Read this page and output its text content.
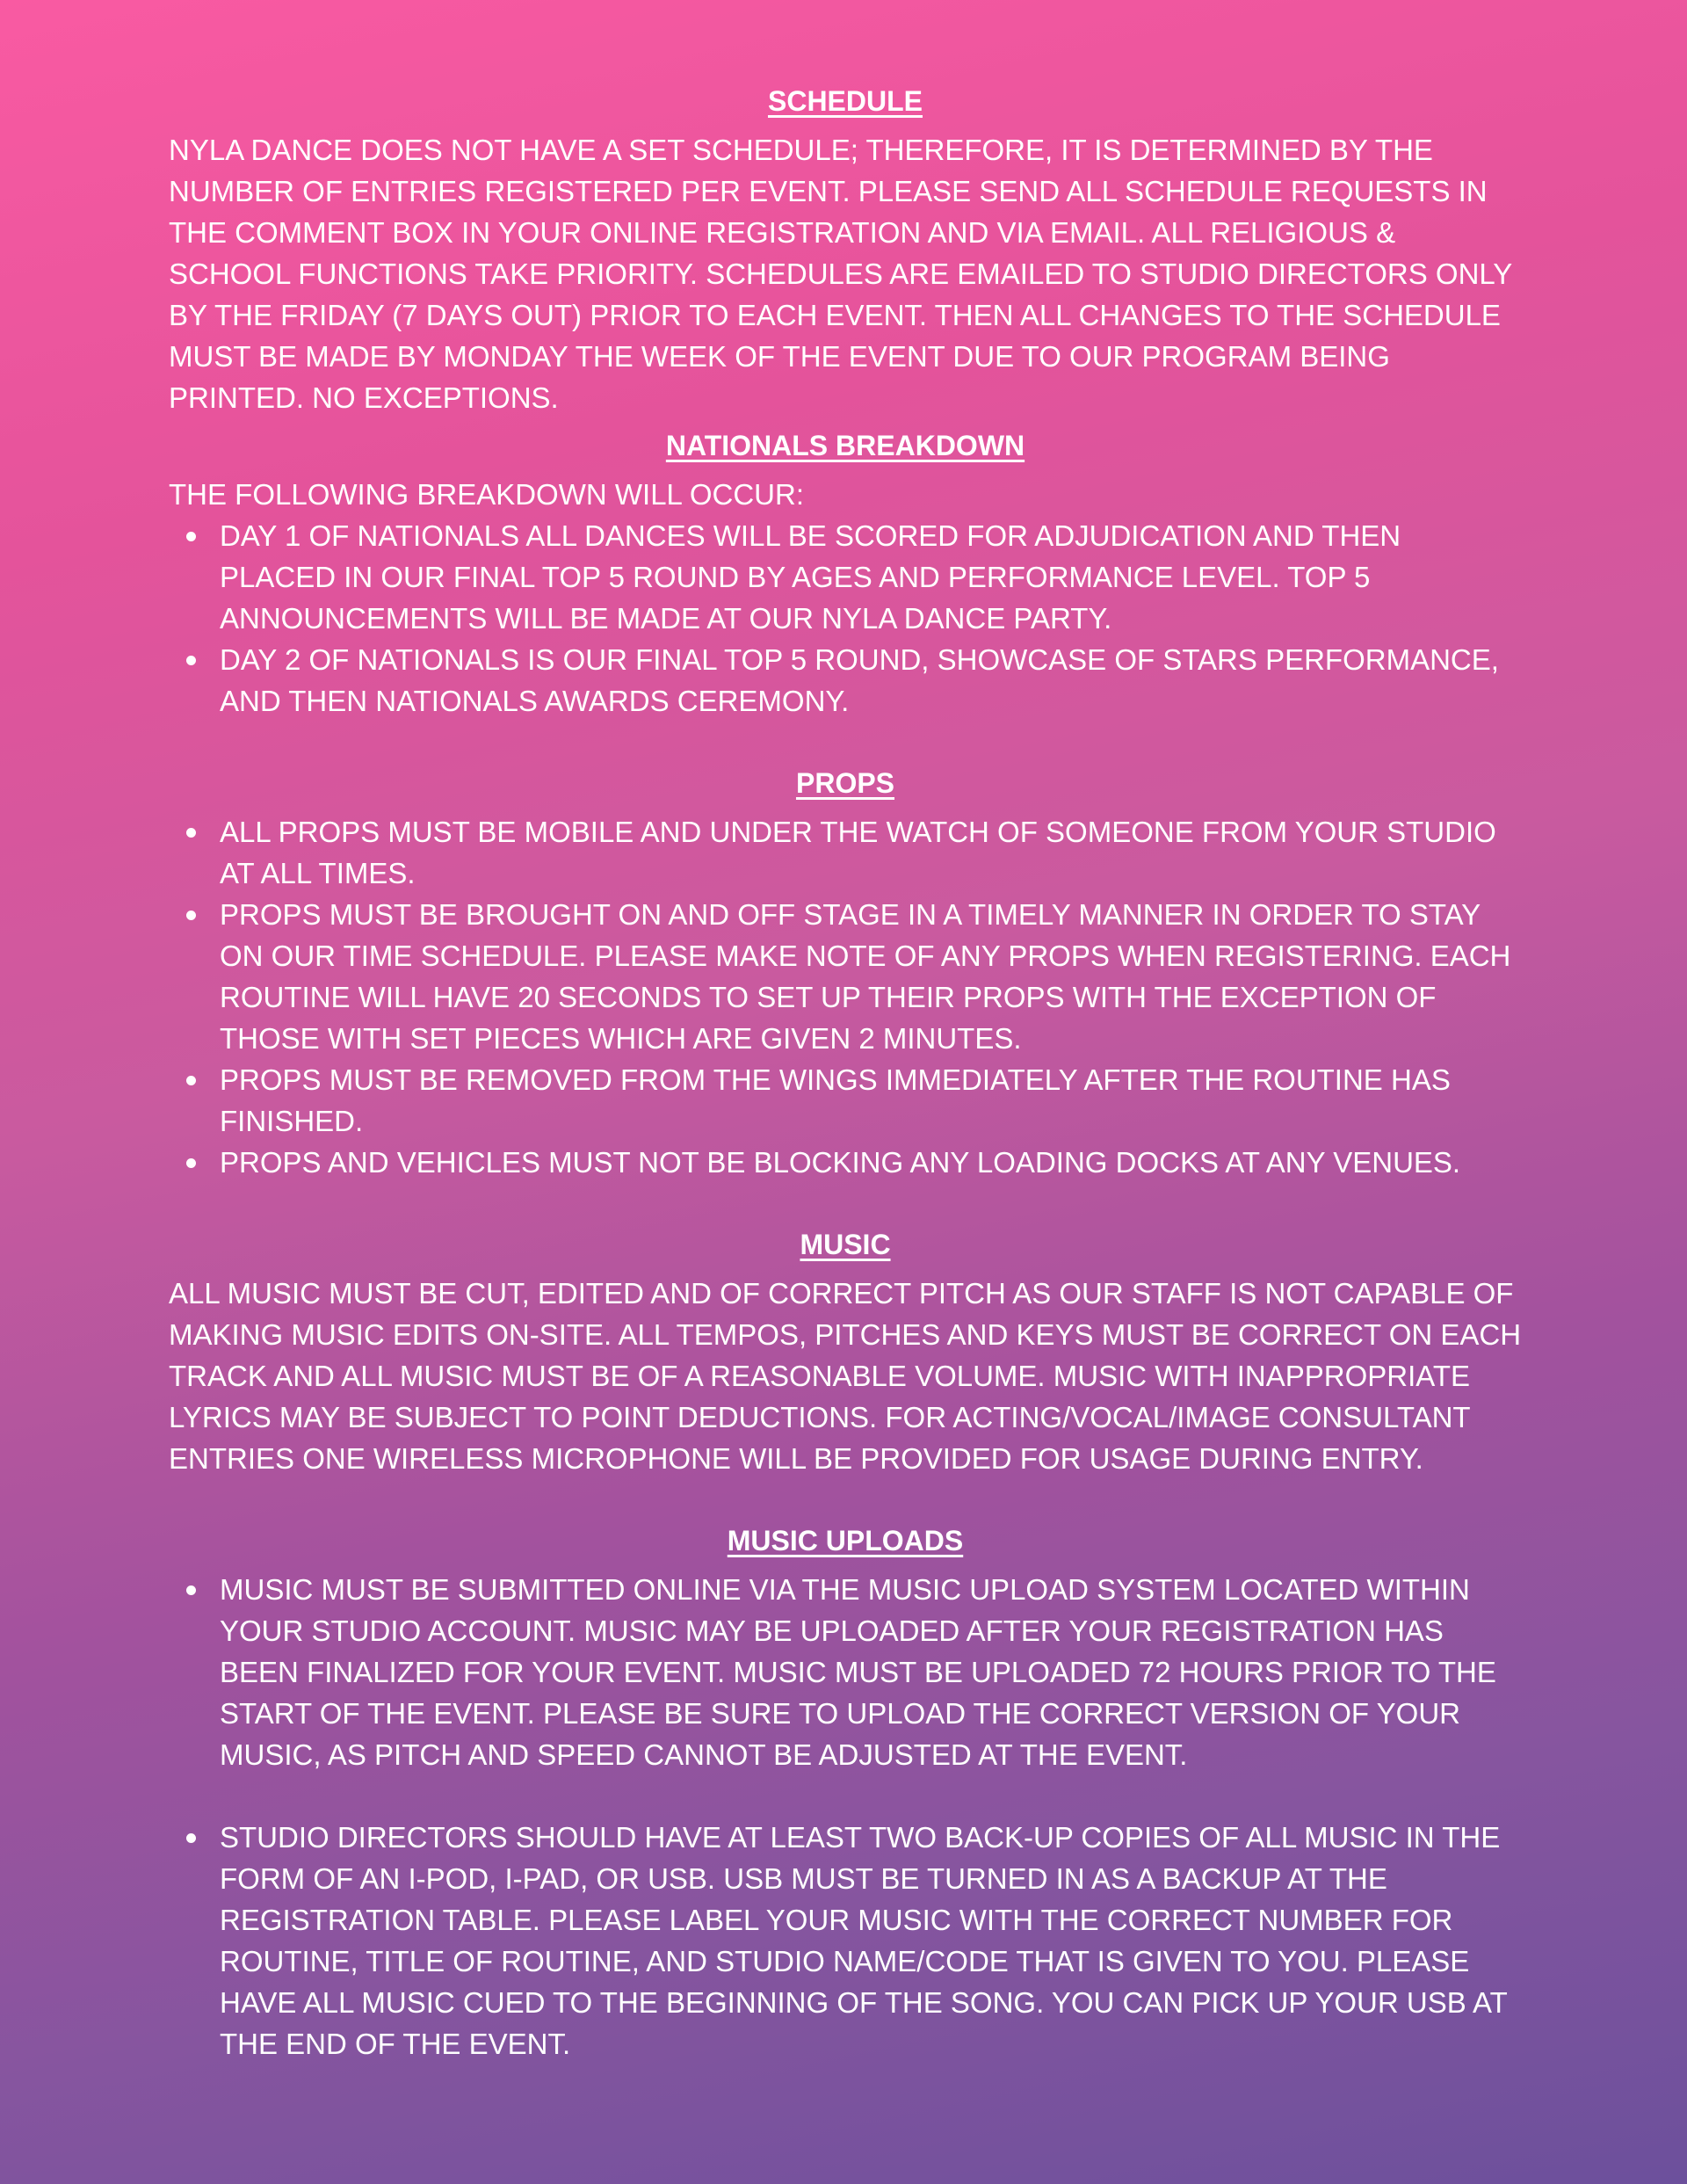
SCHEDULE

NYLA DANCE DOES NOT HAVE A SET SCHEDULE; THEREFORE, IT IS DETERMINED BY THE NUMBER OF ENTRIES REGISTERED PER EVENT. PLEASE SEND ALL SCHEDULE REQUESTS IN THE COMMENT BOX IN YOUR ONLINE REGISTRATION AND VIA EMAIL. ALL RELIGIOUS & SCHOOL FUNCTIONS TAKE PRIORITY. SCHEDULES ARE EMAILED TO STUDIO DIRECTORS ONLY BY THE FRIDAY (7 DAYS OUT) PRIOR TO EACH EVENT. THEN ALL CHANGES TO THE SCHEDULE MUST BE MADE BY MONDAY THE WEEK OF THE EVENT DUE TO OUR PROGRAM BEING PRINTED. NO EXCEPTIONS.

NATIONALS BREAKDOWN

THE FOLLOWING BREAKDOWN WILL OCCUR:

DAY 1 OF NATIONALS ALL DANCES WILL BE SCORED FOR ADJUDICATION AND THEN PLACED IN OUR FINAL TOP 5 ROUND BY AGES AND PERFORMANCE LEVEL. TOP 5 ANNOUNCEMENTS WILL BE MADE AT OUR NYLA DANCE PARTY.
DAY 2 OF NATIONALS IS OUR FINAL TOP 5 ROUND, SHOWCASE OF STARS PERFORMANCE, AND THEN NATIONALS AWARDS CEREMONY.
PROPS
ALL PROPS MUST BE MOBILE AND UNDER THE WATCH OF SOMEONE FROM YOUR STUDIO AT ALL TIMES.
PROPS MUST BE BROUGHT ON AND OFF STAGE IN A TIMELY MANNER IN ORDER TO STAY ON OUR TIME SCHEDULE. PLEASE MAKE NOTE OF ANY PROPS WHEN REGISTERING. EACH ROUTINE WILL HAVE 20 SECONDS TO SET UP THEIR PROPS WITH THE EXCEPTION OF THOSE WITH SET PIECES WHICH ARE GIVEN 2 MINUTES.
PROPS MUST BE REMOVED FROM THE WINGS IMMEDIATELY AFTER THE ROUTINE HAS FINISHED.
PROPS AND VEHICLES MUST NOT BE BLOCKING ANY LOADING DOCKS AT ANY VENUES.
MUSIC

ALL MUSIC MUST BE CUT, EDITED AND OF CORRECT PITCH AS OUR STAFF IS NOT CAPABLE OF MAKING MUSIC EDITS ON-SITE. ALL TEMPOS, PITCHES AND KEYS MUST BE CORRECT ON EACH TRACK AND ALL MUSIC MUST BE OF A REASONABLE VOLUME. MUSIC WITH INAPPROPRIATE LYRICS MAY BE SUBJECT TO POINT DEDUCTIONS. FOR ACTING/VOCAL/IMAGE CONSULTANT ENTRIES ONE WIRELESS MICROPHONE WILL BE PROVIDED FOR USAGE DURING ENTRY.

MUSIC UPLOADS
MUSIC MUST BE SUBMITTED ONLINE VIA THE MUSIC UPLOAD SYSTEM LOCATED WITHIN YOUR STUDIO ACCOUNT. MUSIC MAY BE UPLOADED AFTER YOUR REGISTRATION HAS BEEN FINALIZED FOR YOUR EVENT. MUSIC MUST BE UPLOADED 72 HOURS PRIOR TO THE START OF THE EVENT. PLEASE BE SURE TO UPLOAD THE CORRECT VERSION OF YOUR MUSIC, AS PITCH AND SPEED CANNOT BE ADJUSTED AT THE EVENT.
STUDIO DIRECTORS SHOULD HAVE AT LEAST TWO BACK-UP COPIES OF ALL MUSIC IN THE FORM OF AN I-POD, I-PAD, OR USB. USB MUST BE TURNED IN AS A BACKUP AT THE REGISTRATION TABLE. PLEASE LABEL YOUR MUSIC WITH THE CORRECT NUMBER FOR ROUTINE, TITLE OF ROUTINE, AND STUDIO NAME/CODE THAT IS GIVEN TO YOU. PLEASE HAVE ALL MUSIC CUED TO THE BEGINNING OF THE SONG. YOU CAN PICK UP YOUR USB AT THE END OF THE EVENT.
